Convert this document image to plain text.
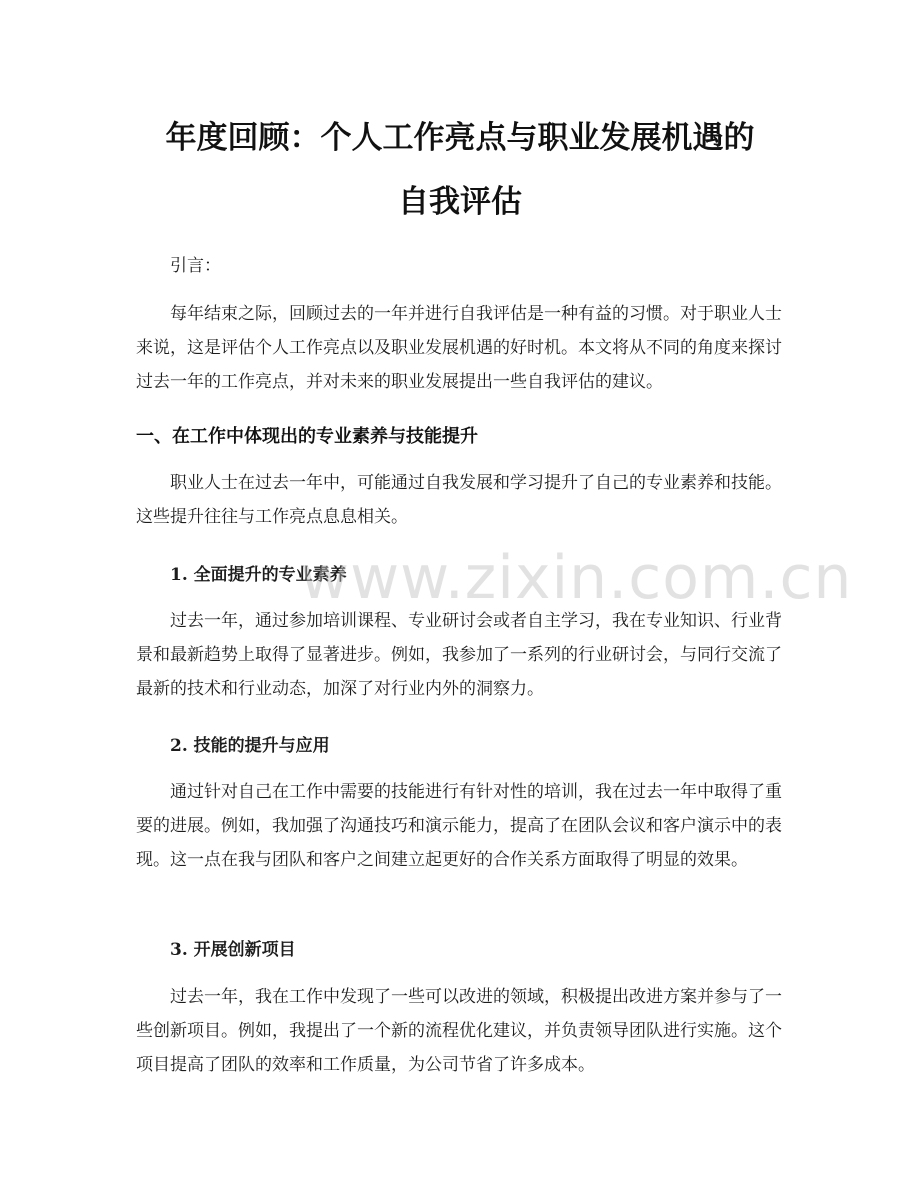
年度回顾：个人工作亮点与职业发展机遇的
自我评估

引言：

每年结束之际，回顾过去的一年并进行自我评估是一种有益的习惯。对于职业人士来说，这是评估个人工作亮点以及职业发展机遇的好时机。本文将从不同的角度来探讨过去一年的工作亮点，并对未来的职业发展提出一些自我评估的建议。

一、在工作中体现出的专业素养与技能提升

职业人士在过去一年中，可能通过自我发展和学习提升了自己的专业素养和技能。这些提升往往与工作亮点息息相关。

1. 全面提升的专业素养

过去一年，通过参加培训课程、专业研讨会或者自主学习，我在专业知识、行业背景和最新趋势上取得了显著进步。例如，我参加了一系列的行业研讨会，与同行交流了最新的技术和行业动态，加深了对行业内外的洞察力。

2. 技能的提升与应用

通过针对自己在工作中需要的技能进行有针对性的培训，我在过去一年中取得了重要的进展。例如，我加强了沟通技巧和演示能力，提高了在团队会议和客户演示中的表现。这一点在我与团队和客户之间建立起更好的合作关系方面取得了明显的效果。

3. 开展创新项目

过去一年，我在工作中发现了一些可以改进的领域，积极提出改进方案并参与了一些创新项目。例如，我提出了一个新的流程优化建议，并负责领导团队进行实施。这个项目提高了团队的效率和工作质量，为公司节省了许多成本。

www.zixin.com.cn
